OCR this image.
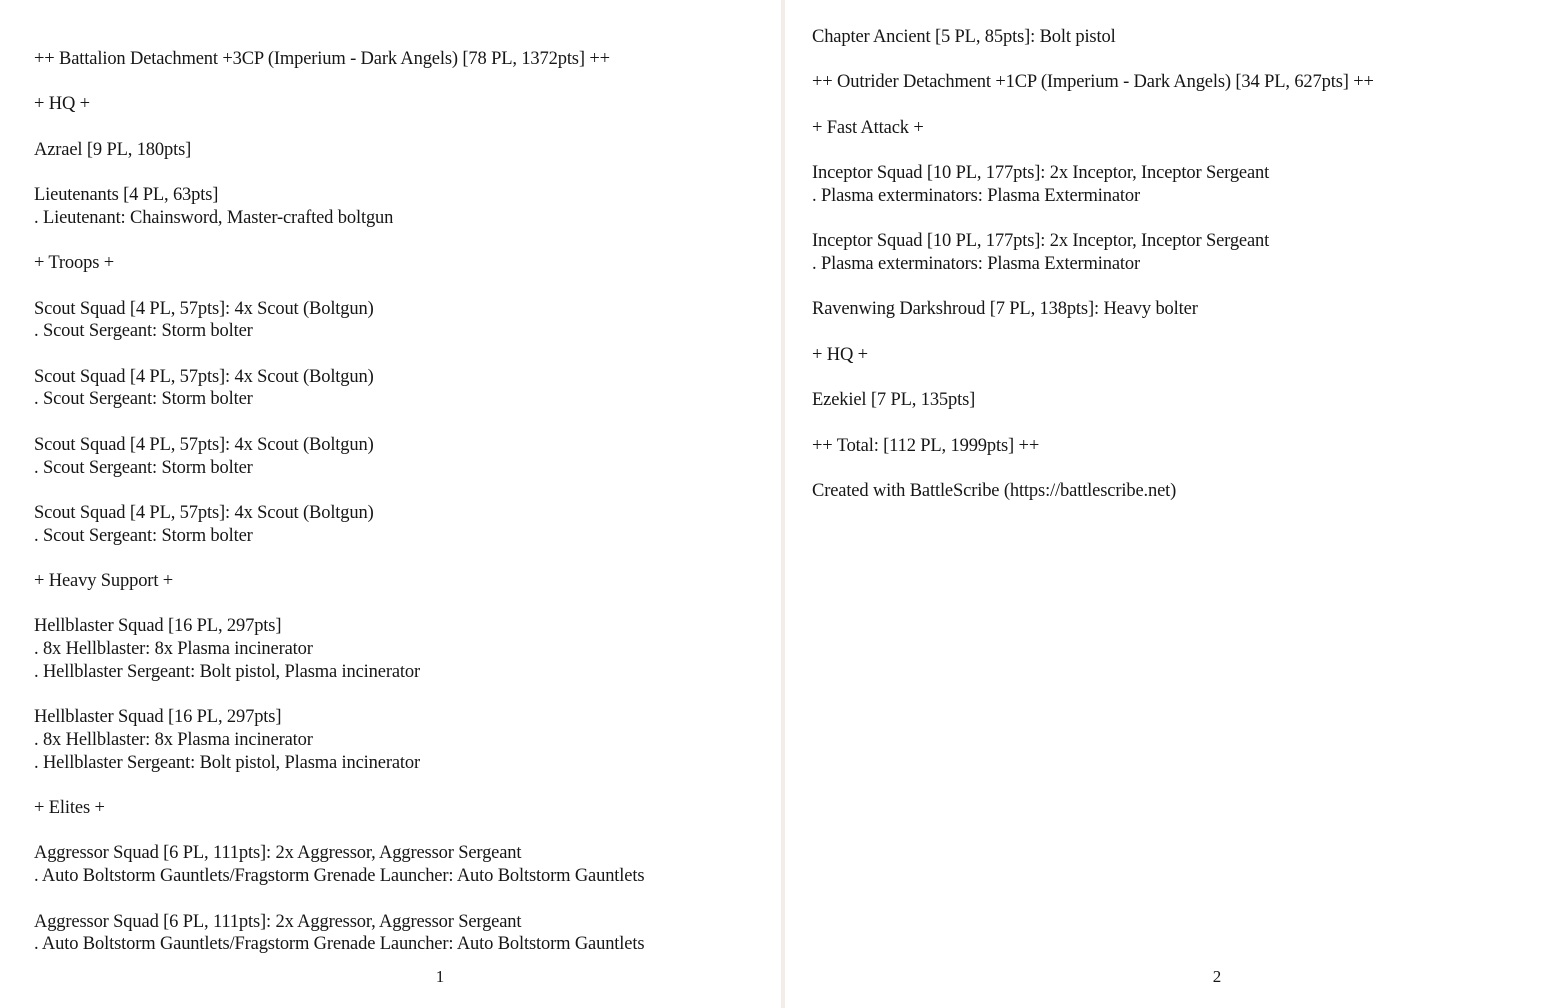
++ Battalion Detachment +3CP (Imperium - Dark Angels) [78 PL, 1372pts] ++
+ HQ +
Azrael [9 PL, 180pts]
Lieutenants [4 PL, 63pts]
. Lieutenant: Chainsword, Master-crafted boltgun
+ Troops +
Scout Squad [4 PL, 57pts]: 4x Scout (Boltgun)
. Scout Sergeant: Storm bolter
Scout Squad [4 PL, 57pts]: 4x Scout (Boltgun)
. Scout Sergeant: Storm bolter
Scout Squad [4 PL, 57pts]: 4x Scout (Boltgun)
. Scout Sergeant: Storm bolter
Scout Squad [4 PL, 57pts]: 4x Scout (Boltgun)
. Scout Sergeant: Storm bolter
+ Heavy Support +
Hellblaster Squad [16 PL, 297pts]
. 8x Hellblaster: 8x Plasma incinerator
. Hellblaster Sergeant: Bolt pistol, Plasma incinerator
Hellblaster Squad [16 PL, 297pts]
. 8x Hellblaster: 8x Plasma incinerator
. Hellblaster Sergeant: Bolt pistol, Plasma incinerator
+ Elites +
Aggressor Squad [6 PL, 111pts]: 2x Aggressor, Aggressor Sergeant
. Auto Boltstorm Gauntlets/Fragstorm Grenade Launcher: Auto Boltstorm Gauntlets
Aggressor Squad [6 PL, 111pts]: 2x Aggressor, Aggressor Sergeant
. Auto Boltstorm Gauntlets/Fragstorm Grenade Launcher: Auto Boltstorm Gauntlets
1
Chapter Ancient [5 PL, 85pts]: Bolt pistol
++ Outrider Detachment +1CP (Imperium - Dark Angels) [34 PL, 627pts] ++
+ Fast Attack +
Inceptor Squad [10 PL, 177pts]: 2x Inceptor, Inceptor Sergeant
. Plasma exterminators: Plasma Exterminator
Inceptor Squad [10 PL, 177pts]: 2x Inceptor, Inceptor Sergeant
. Plasma exterminators: Plasma Exterminator
Ravenwing Darkshroud [7 PL, 138pts]: Heavy bolter
+ HQ +
Ezekiel [7 PL, 135pts]
++ Total: [112 PL, 1999pts] ++
Created with BattleScribe (https://battlescribe.net)
2
